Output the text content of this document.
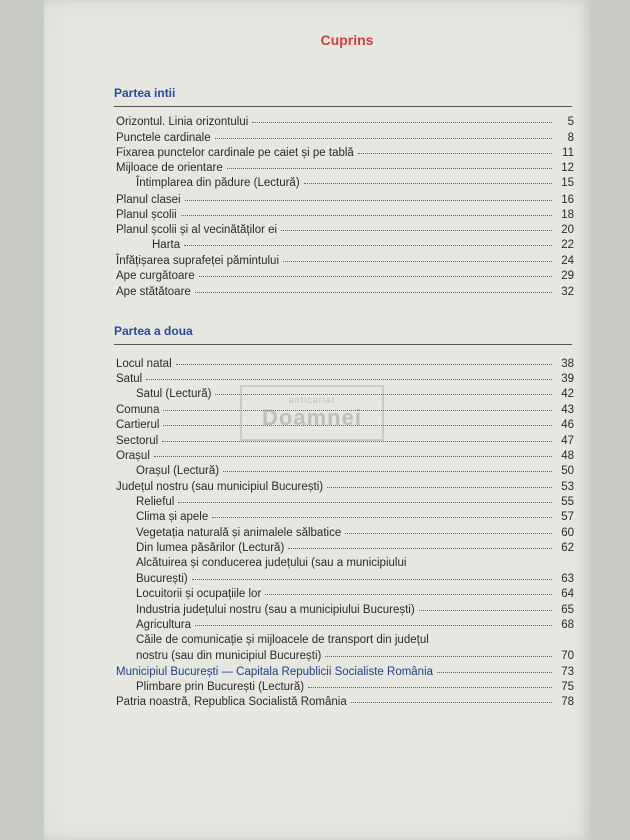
Cuprins
Partea intii
Orizontul. Linia orizontului	5
Punctele cardinale	8
Fixarea punctelor cardinale pe caiet și pe tablă	11
Mijloace de orientare	12
Întimplarea din pădure (Lectură)	15
Planul clasei	16
Planul școlii	18
Planul școlii și al vecinătăților ei	20
Harta	22
Înfățișarea suprafeței pămintului	24
Ape curgătoare	29
Ape stătătoare	32
Partea a doua
Locul natal	38
Satul	39
Satul (Lectură)	42
Comuna	43
Cartierul	46
Sectorul	47
Orașul	48
Orașul (Lectură)	50
Județul nostru (sau municipiul București)	53
Relieful	55
Clima și apele	57
Vegetația naturală și animalele sălbatice	60
Din lumea păsărilor (Lectură)	62
Alcătuirea și conducerea județului (sau a municipiului
București)	63
Locuitorii și ocupațiile lor	64
Industria județului nostru (sau a municipiului București)	65
Agricultura	68
Căile de comunicație și mijloacele de transport din județul
nostru (sau din municipiul București)	70
Municipiul București — Capitala Republicii Socialiste România	73
Plimbare prin București (Lectură)	75
Patria noastră, Republica Socialistă România	78
anticariat
Doamnei
